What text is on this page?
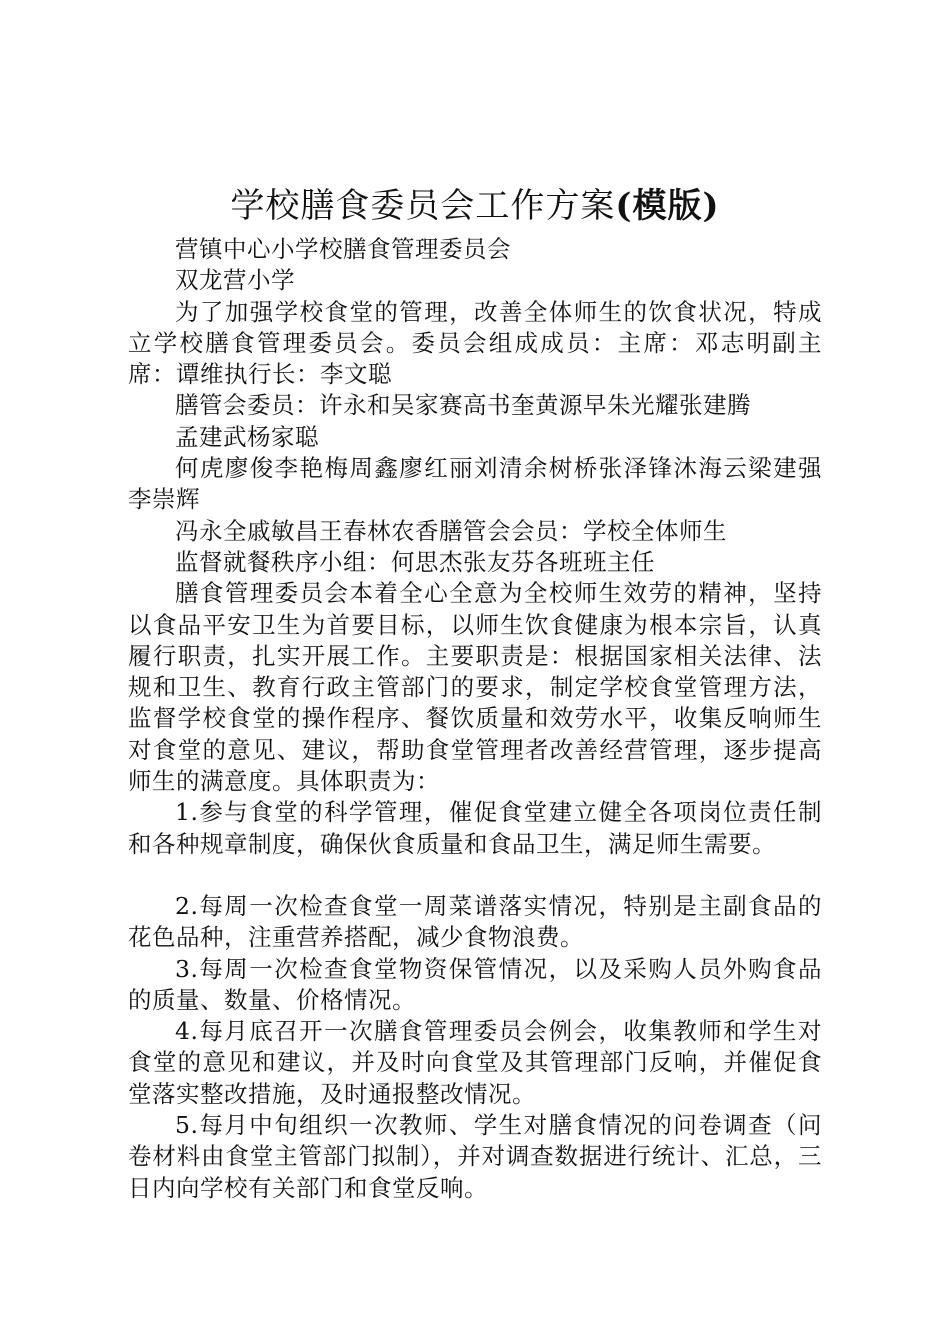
学校膳食委员会工作方案(模版)

营镇中心小学校膳食管理委员会

双龙营小学

为了加强学校食堂的管理，改善全体师生的饮食状况，特成立学校膳食管理委员会。委员会组成成员：主席：邓志明副主席：谭维执行长：李文聪

膳管会委员：许永和吴家赛高书奎黄源早朱光耀张建腾

孟建武杨家聪

何虎廖俊李艳梅周鑫廖红丽刘清余树桥张泽锋沐海云梁建强李崇辉

冯永全戚敏昌王春林农香膳管会会员：学校全体师生

监督就餐秩序小组：何思杰张友芬各班班主任

膳食管理委员会本着全心全意为全校师生效劳的精神，坚持以食品平安卫生为首要目标，以师生饮食健康为根本宗旨，认真履行职责，扎实开展工作。主要职责是：根据国家相关法律、法规和卫生、教育行政主管部门的要求，制定学校食堂管理方法，监督学校食堂的操作程序、餐饮质量和效劳水平，收集反响师生对食堂的意见、建议，帮助食堂管理者改善经营管理，逐步提高师生的满意度。具体职责为：

1.参与食堂的科学管理，催促食堂建立健全各项岗位责任制和各种规章制度，确保伙食质量和食品卫生，满足师生需要。

2.每周一次检查食堂一周菜谱落实情况，特别是主副食品的花色品种，注重营养搭配，减少食物浪费。

3.每周一次检查食堂物资保管情况，以及采购人员外购食品的质量、数量、价格情况。

4.每月底召开一次膳食管理委员会例会，收集教师和学生对食堂的意见和建议，并及时向食堂及其管理部门反响，并催促食堂落实整改措施，及时通报整改情况。

5.每月中旬组织一次教师、学生对膳食情况的问卷调查（问卷材料由食堂主管部门拟制），并对调查数据进行统计、汇总，三日内向学校有关部门和食堂反响。
